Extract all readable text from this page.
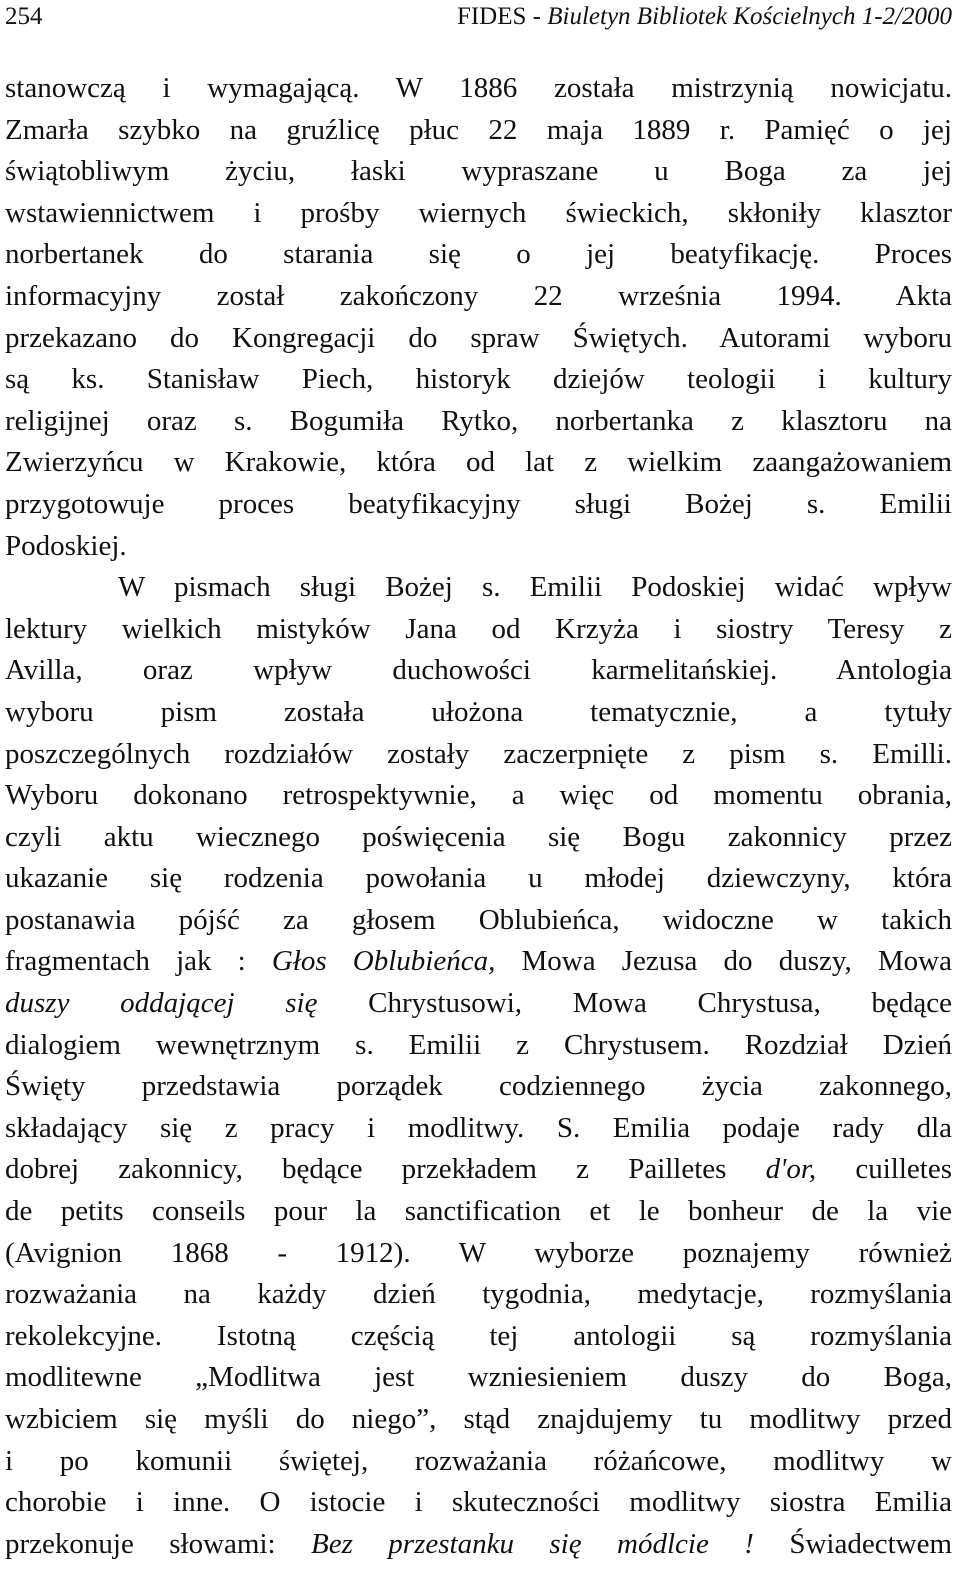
254	FIDES - Biuletyn Bibliotek Kościelnych 1-2/2000
stanowczą i wymagającą. W 1886 została mistrzynią nowicjatu.
Zmarła szybko na gruźlicę płuc 22 maja 1889 r. Pamięć o jej
świątobliwym życiu, łaski wypraszane u Boga za jej
wstawiennictwem i prośby wiernych świeckich, skłoniły klasztor
norbertanek do starania się o jej beatyfikację. Proces
informacyjny został zakończony 22 września 1994. Akta
przekazano do Kongregacji do spraw Świętych. Autorami wyboru
są ks. Stanisław Piech, historyk dziejów teologii i kultury
religijnej oraz s. Bogumiła Rytko, norbertanka z klasztoru na
Zwierzyńcu w Krakowie, która od lat z wielkim zaangażowaniem
przygotowuje proces beatyfikacyjny sługi Bożej s. Emilii
Podoskiej.
W pismach sługi Bożej s. Emilii Podoskiej widać wpływ
lektury wielkich mistyków Jana od Krzyża i siostry Teresy z
Avilla, oraz wpływ duchowości karmelitańskiej. Antologia
wyboru pism została ułożona tematycznie, a tytuły
poszczególnych rozdziałów zostały zaczerpnięte z pism s. Emilli.
Wyboru dokonano retrospektywnie, a więc od momentu obrania,
czyli aktu wiecznego poświęcenia się Bogu zakonnicy przez
ukazanie się rodzenia powołania u młodej dziewczyny, która
postanawia pójść za głosem Oblubieńca, widoczne w takich
fragmentach jak : Głos Oblubieńca, Mowa Jezusa do duszy, Mowa
duszy oddającej się Chrystusowi, Mowa Chrystusa, będące
dialogiem wewnętrznym s. Emilii z Chrystusem. Rozdział Dzień
Święty przedstawia porządek codziennego życia zakonnego,
składający się z pracy i modlitwy. S. Emilia podaje rady dla
dobrej zakonnicy, będące przekładem z Pailletes d'or, cuilletes
de petits conseils pour la sanctification et le bonheur de la vie
(Avignion 1868 - 1912). W wyborze poznajemy również
rozważania na każdy dzień tygodnia, medytacje, rozmyślania
rekolekcyjne. Istotną częścią tej antologii są rozmyślania
modlitewne „Modlitwa jest wzniesieniem duszy do Boga,
wzbiciem się myśli do niego”, stąd znajdujemy tu modlitwy przed
i po komunii świętej, rozważania różańcowe, modlitwy w
chorobie i inne. O istocie i skuteczności modlitwy siostra Emilia
przekonuje słowami: Bez przestanku się módlcie ! Świadectwem
